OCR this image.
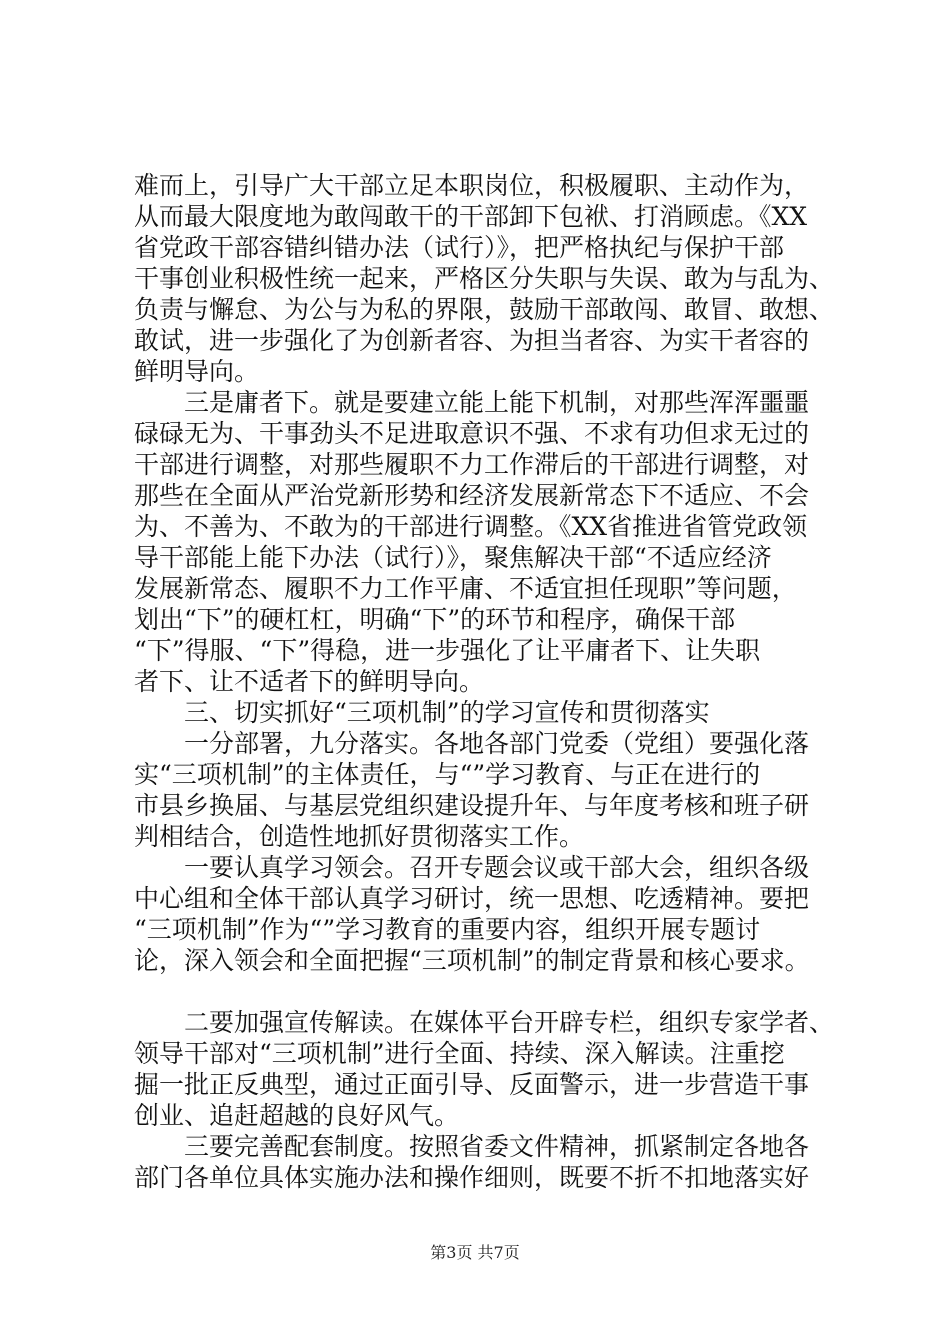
难而上，引导广大干部立足本职岗位，积极履职、主动作为，
从而最大限度地为敢闯敢干的干部卸下包袱、打消顾虑。《XX
省党政干部容错纠错办法（试行）》，把严格执纪与保护干部
干事创业积极性统一起来，严格区分失职与失误、敢为与乱为、
负责与懈怠、为公与为私的界限，鼓励干部敢闯、敢冒、敢想、
敢试，进一步强化了为创新者容、为担当者容、为实干者容的
鲜明导向。
　　三是庸者下。就是要建立能上能下机制，对那些浑浑噩噩
碌碌无为、干事劲头不足进取意识不强、不求有功但求无过的
干部进行调整，对那些履职不力工作滞后的干部进行调整，对
那些在全面从严治党新形势和经济发展新常态下不适应、不会
为、不善为、不敢为的干部进行调整。《XX省推进省管党政领
导干部能上能下办法（试行）》，聚焦解决干部“不适应经济
发展新常态、履职不力工作平庸、不适宜担任现职”等问题，
划出“下”的硬杠杠，明确“下”的环节和程序，确保干部
“下”得服、“下”得稳，进一步强化了让平庸者下、让失职
者下、让不适者下的鲜明导向。
　　三、切实抓好“三项机制”的学习宣传和贯彻落实
　　一分部署，九分落实。各地各部门党委（党组）要强化落
实“三项机制”的主体责任，与“”学习教育、与正在进行的
市县乡换届、与基层党组织建设提升年、与年度考核和班子研
判相结合，创造性地抓好贯彻落实工作。
　　一要认真学习领会。召开专题会议或干部大会，组织各级
中心组和全体干部认真学习研讨，统一思想、吃透精神。要把
“三项机制”作为“”学习教育的重要内容，组织开展专题讨
论，深入领会和全面把握“三项机制”的制定背景和核心要求。
　　二要加强宣传解读。在媒体平台开辟专栏，组织专家学者、
领导干部对“三项机制”进行全面、持续、深入解读。注重挖
掘一批正反典型，通过正面引导、反面警示，进一步营造干事
创业、追赶超越的良好风气。
　　三要完善配套制度。按照省委文件精神，抓紧制定各地各
部门各单位具体实施办法和操作细则，既要不折不扣地落实好
第3页 共7页
